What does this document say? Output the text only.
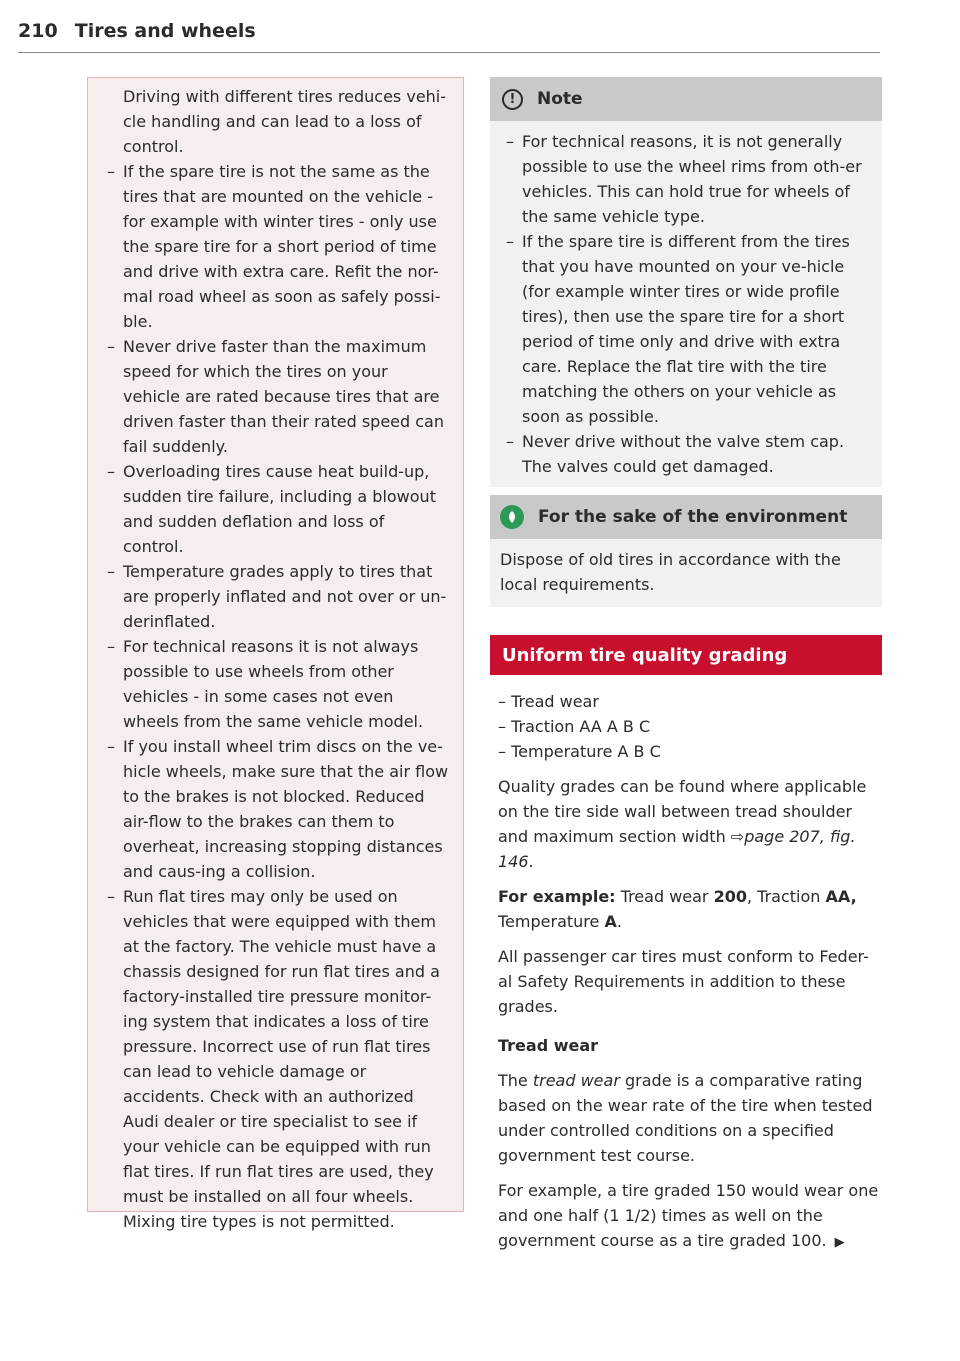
210 Tires and wheels

Driving with different tires reduces vehi-cle handling and can lead to a loss of control.

– If the spare tire is not the same as the tires that are mounted on the vehicle - for example with winter tires - only use the spare tire for a short period of time and drive with extra care. Refit the nor-mal road wheel as soon as safely possi-ble.
– Never drive faster than the maximum speed for which the tires on your vehicle are rated because tires that are driven faster than their rated speed can fail suddenly.
– Overloading tires cause heat build-up, sudden tire failure, including a blowout and sudden deflation and loss of control.
– Temperature grades apply to tires that are properly inflated and not over or un-derinflated.
– For technical reasons it is not always possible to use wheels from other vehicles - in some cases not even wheels from the same vehicle model.
– If you install wheel trim discs on the ve-hicle wheels, make sure that the air flow to the brakes is not blocked. Reduced air-flow to the brakes can them to overheat, increasing stopping distances and caus-ing a collision.
– Run flat tires may only be used on vehicles that were equipped with them at the factory. The vehicle must have a chassis designed for run flat tires and a factory-installed tire pressure monitor-ing system that indicates a loss of tire pressure. Incorrect use of run flat tires can lead to vehicle damage or accidents. Check with an authorized Audi dealer or tire specialist to see if your vehicle can be equipped with run flat tires. If run flat tires are used, they must be installed on all four wheels. Mixing tire types is not permitted.
!	Note
– For technical reasons, it is not generally possible to use the wheel rims from oth-er vehicles. This can hold true for wheels of the same vehicle type.
– If the spare tire is different from the tires that you have mounted on your ve-hicle (for example winter tires or wide profile tires), then use the spare tire for a short period of time only and drive with extra care. Replace the flat tire with the tire matching the others on your vehicle as soon as possible.
– Never drive without the valve stem cap. The valves could get damaged.
For the sake of the environment

Dispose of old tires in accordance with the local requirements.

Uniform tire quality grading
– Tread wear
– Traction AA A B C
– Temperature A B C

Quality grades can be found where applicable on the tire side wall between tread shoulder and maximum section width ⇨page 207, fig. 146.

For example: Tread wear 200, Traction AA, Temperature A.

All passenger car tires must conform to Feder-al Safety Requirements in addition to these grades.

Tread wear

The tread wear grade is a comparative rating based on the wear rate of the tire when tested under controlled conditions on a specified government test course.

For example, a tire graded 150 would wear one and one half (1 1/2) times as well on the government course as a tire graded 100. ▶
